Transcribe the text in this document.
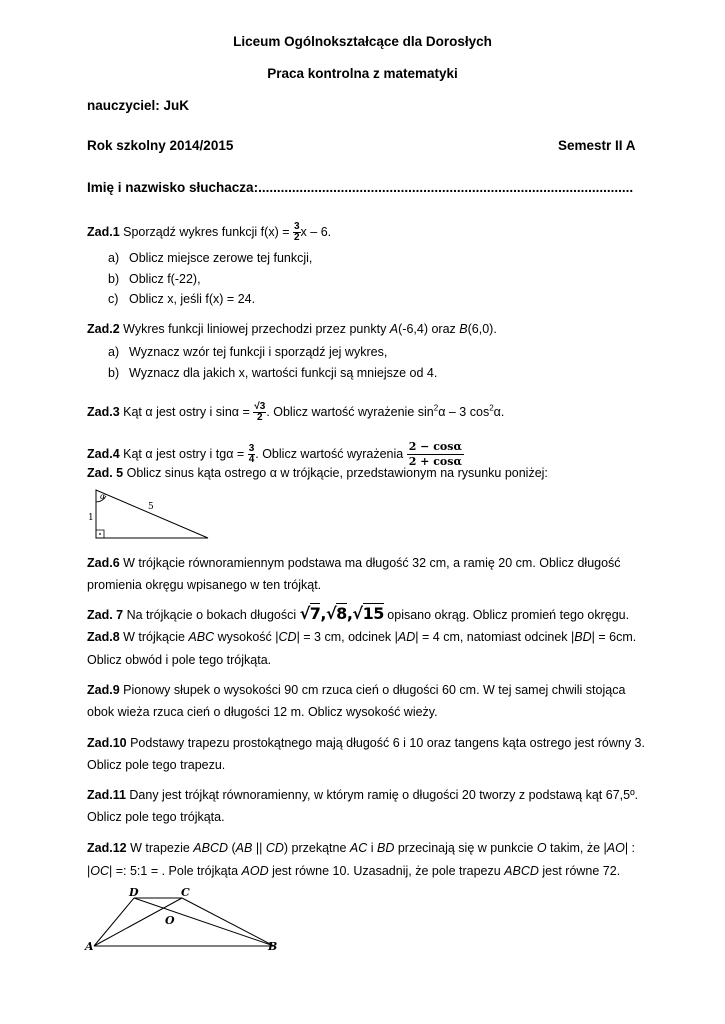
Liceum Ogólnokształcące dla Dorosłych
Praca kontrolna z matematyki
nauczyciel: JuK
Rok szkolny 2014/2015	Semestr II A
Imię i nazwisko słuchacza:....................................................................................................
Zad.1 Sporządź wykres funkcji $f(x) = \frac{3}{2}$ x – 6.
a) Oblicz miejsce zerowe tej funkcji,
b) Oblicz f(-22),
c) Oblicz x, jeśli f(x) = 24.
Zad.2 Wykres funkcji liniowej przechodzi przez punkty A(-6,4) oraz B(6,0).
a) Wyznacz wzór tej funkcji i sporządź jej wykres,
b) Wyznacz dla jakich x, wartości funkcji są mniejsze od 4.
Zad.3 Kąt α jest ostry i $\sin\alpha = \frac{√3}{2}$ . Oblicz wartość wyrażenie $\sin^2\alpha - 3$ $\cos^2\alpha$.
Zad.4 Kąt α jest ostry i $tg\alpha = \frac{3}{4}$ . Oblicz wartość wyrażenia $\frac{2 - \cos\alpha}{2 + \cos\alpha}$
Zad. 5 Oblicz sinus kąta ostrego α w trójkącie, przedstawionym na rysunku poniżej:
α
1
5
Zad.6 W trójkącie równoramiennym podstawa ma długość 32 cm, a ramię 20 cm. Oblicz długość
promienia okręgu wpisanego w ten trójkąt.
Zad. 7 Na trójkącie o bokach długości √7,√8,√15 opisano okrąg. Oblicz promień tego okręgu.
Zad.8 W trójkącie ABC wysokość |CD| = 3 cm, odcinek |AD| = 4 cm, natomiast odcinek |BD| = 6cm.
Oblicz obwód i pole tego trójkąta.
Zad.9 Pionowy słupek o wysokości 90 cm rzuca cień o długości 60 cm. W tej samej chwili stojąca
obok wieża rzuca cień o długości 12 m. Oblicz wysokość wieży.
Zad.10 Podstawy trapezu prostokątnego mają długość 6 i 10 oraz tangens kąta ostrego jest równy 3.
Oblicz pole tego trapezu.
Zad.11 Dany jest trójkąt równoramienny, w którym ramię o długości 20 tworzy z podstawą kąt 67,5º.
Oblicz pole tego trójkąta.
Zad.12 W trapezie ABCD (AB || CD) przekątne AC i BD przecinają się w punkcie O takim, że |AO| :
|OC| =: 5:1 = . Pole trójkąta AOD jest równe 10. Uzasadnij, że pole trapezu ABCD jest równe 72.
A	B
C
D
O
